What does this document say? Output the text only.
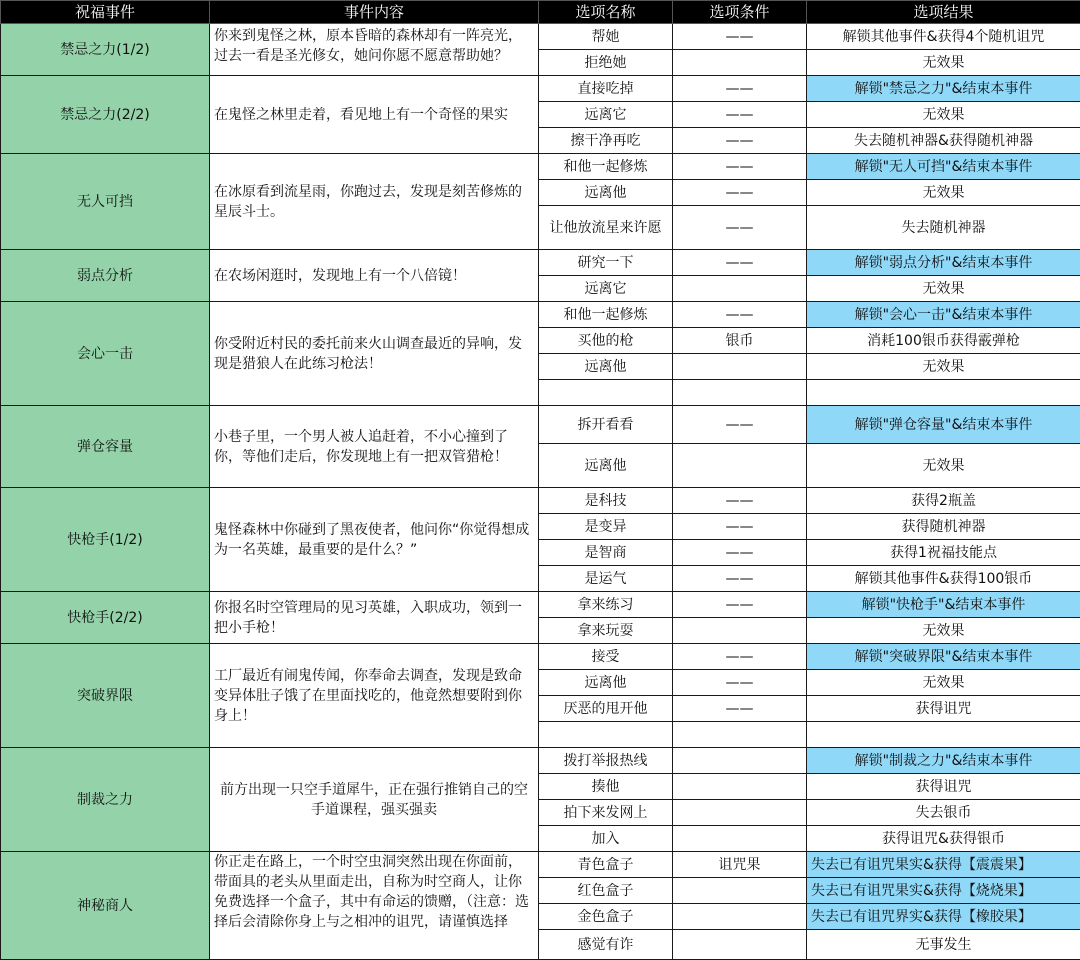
祝福事件	事件内容	选项名称	选项条件	选项结果
禁忌之力(1/2)	你来到鬼怪之林，原本昏暗的森林却有一阵亮光，过去一看是圣光修女，她问你愿不愿意帮助她？	帮她	——	解锁其他事件&获得4个随机诅咒
		拒绝她		无效果
禁忌之力(2/2)	在鬼怪之林里走着，看见地上有一个奇怪的果实	直接吃掉	——	解锁"禁忌之力"&结束本事件
		远离它	——	无效果
		擦干净再吃	——	失去随机神器&获得随机神器
无人可挡	在冰原看到流星雨，你跑过去，发现是刻苦修炼的星辰斗士。	和他一起修炼	——	解锁"无人可挡"&结束本事件
		远离他	——	无效果
		让他放流星来许愿	——	失去随机神器
弱点分析	在农场闲逛时，发现地上有一个八倍镜！	研究一下	——	解锁"弱点分析"&结束本事件
		远离它		无效果
会心一击	你受附近村民的委托前来火山调查最近的异响，发现是猎狼人在此练习枪法！	和他一起修炼	——	解锁"会心一击"&结束本事件
		买他的枪	银币	消耗100银币获得霰弹枪
		远离他		无效果

弹仓容量	小巷子里，一个男人被人追赶着，不小心撞到了你，等他们走后，你发现地上有一把双管猎枪！	拆开看看	——	解锁"弹仓容量"&结束本事件
		远离他		无效果
快枪手(1/2)	鬼怪森林中你碰到了黑夜使者，他问你“你觉得想成为一名英雄，最重要的是什么？”	是科技	——	获得2瓶盖
		是变异	——	获得随机神器
		是智商	——	获得1祝福技能点
		是运气	——	解锁其他事件&获得100银币
快枪手(2/2)	你报名时空管理局的见习英雄，入职成功，领到一把小手枪！	拿来练习	——	解锁"快枪手"&结束本事件
		拿来玩耍		无效果
突破界限	工厂最近有闹鬼传闻，你奉命去调查，发现是致命变异体肚子饿了在里面找吃的，他竟然想要附到你身上！	接受	——	解锁"突破界限"&结束本事件
		远离他	——	无效果
		厌恶的甩开他	——	获得诅咒

制裁之力	前方出现一只空手道犀牛，正在强行推销自己的空手道课程，强买强卖	拨打举报热线		解锁"制裁之力"&结束本事件
		揍他		获得诅咒
		拍下来发网上		失去银币
		加入		获得诅咒&获得银币
神秘商人	你正走在路上，一个时空虫洞突然出现在你面前，带面具的老头从里面走出，自称为时空商人，让你免费选择一个盒子，其中有命运的馈赠，（注意：选择后会清除你身上与之相冲的诅咒，请谨慎选择	青色盒子	诅咒果	失去已有诅咒果实&获得【震震果】
		红色盒子		失去已有诅咒果实&获得【烧烧果】
		金色盒子		失去已有诅咒界实&获得【橡胶果】
		感觉有诈		无事发生
